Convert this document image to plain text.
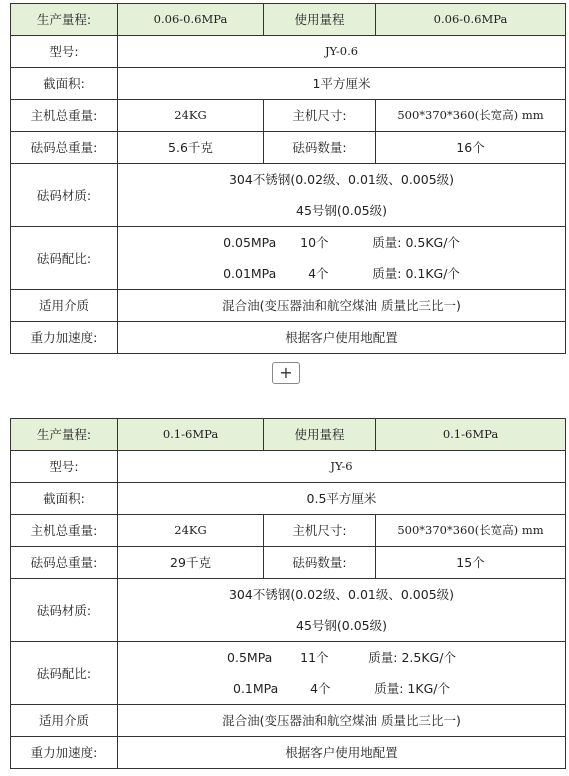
生产量程:	0.06-0.6MPa	使用量程	0.06-0.6MPa
型号:	JY-0.6		
截面积:	1平方厘米		
主机总重量:	24KG	主机尺寸:	500*370*360(长宽高) mm
砝码总重量:	5.6千克	砝码数量:	16个
砝码材质:	304不锈钢(0.02级、0.01级、0.005级)
45号钢(0.05级)		

砝码配比:	0.05MPa      10个           质量: 0.5KG/个
0.01MPa        4个           质量: 0.1KG/个		

适用介质	混合油(变压器油和航空煤油 质量比三比一)		
重力加速度:	根据客户使用地配置		
+
生产量程:	0.1-6MPa	使用量程	0.1-6MPa
型号:	JY-6		
截面积:	0.5平方厘米		
主机总重量:	24KG	主机尺寸:	500*370*360(长宽高) mm
砝码总重量:	29千克	砝码数量:	15个
砝码材质:	304不锈钢(0.02级、0.01级、0.005级)
45号钢(0.05级)		

砝码配比:	0.5MPa       11个          质量: 2.5KG/个
0.1MPa        4个           质量: 1KG/个		

适用介质	混合油(变压器油和航空煤油 质量比三比一)		
重力加速度:	根据客户使用地配置		
